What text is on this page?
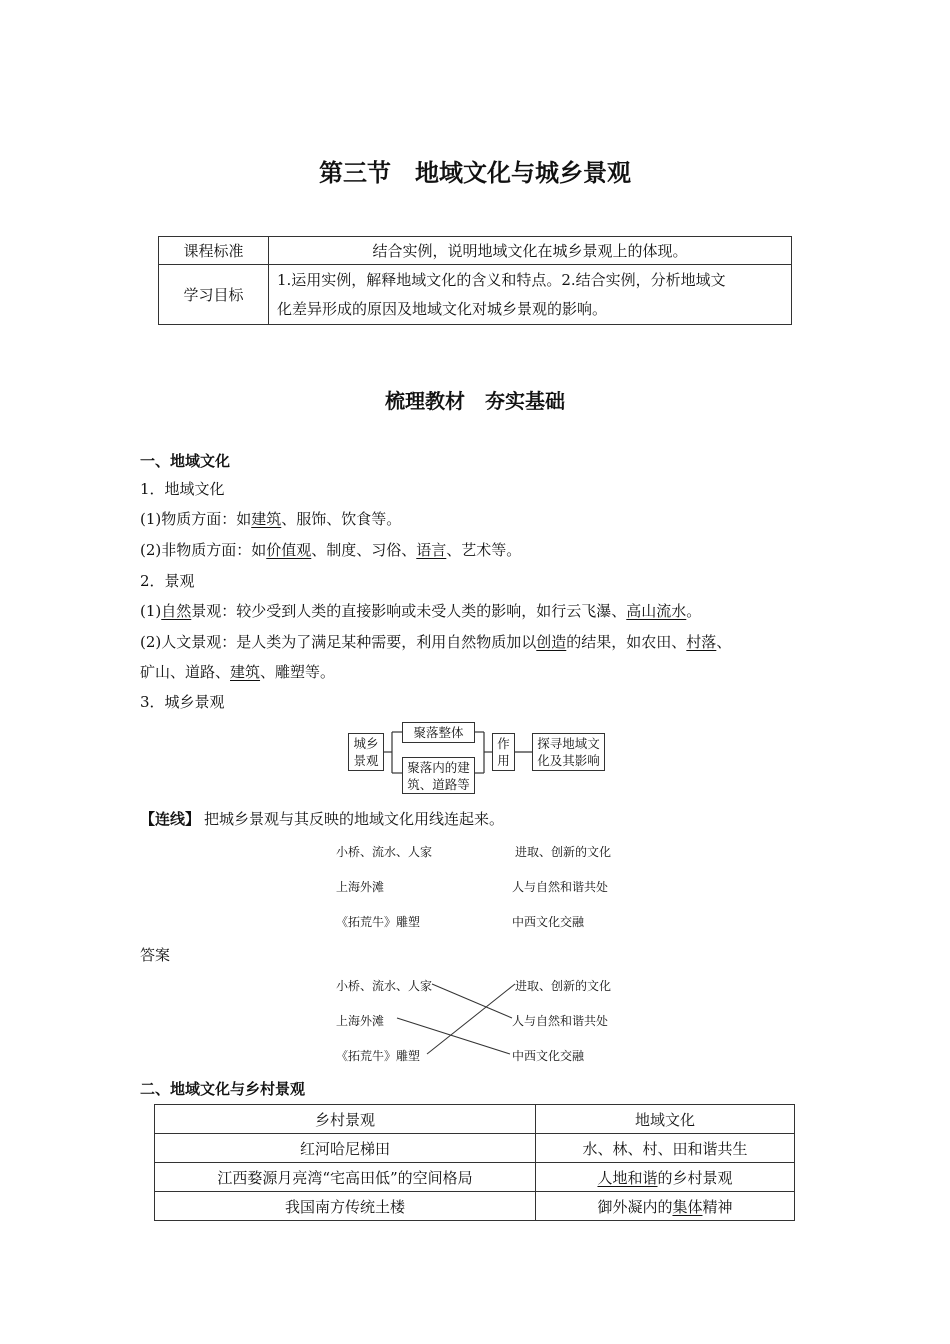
第三节　地域文化与城乡景观
课程标准	结合实例，说明地域文化在城乡景观上的体现。
学习目标	1.运用实例，解释地域文化的含义和特点。2.结合实例，分析地域文
化差异形成的原因及地域文化对城乡景观的影响。
梳理教材　夯实基础
一、地域文化
1．地域文化
(1)物质方面：如建筑、服饰、饮食等。
(2)非物质方面：如价值观、制度、习俗、语言、艺术等。
2．景观
(1)自然景观：较少受到人类的直接影响或未受人类的影响，如行云飞瀑、高山流水。
(2)人文景观：是人类为了满足某种需要，利用自然物质加以创造的结果，如农田、村落、
矿山、道路、建筑、雕塑等。
3．城乡景观
城乡
景观
聚落整体
聚落内的建
筑、道路等
作
用
探寻地域文
化及其影响
【连线】 把城乡景观与其反映的地域文化用线连起来。
小桥、流水、人家
上海外滩
《拓荒牛》雕塑
进取、创新的文化
人与自然和谐共处
中西文化交融
答案
小桥、流水、人家
上海外滩
《拓荒牛》雕塑
进取、创新的文化
人与自然和谐共处
中西文化交融
二、地域文化与乡村景观
乡村景观	地域文化
红河哈尼梯田	水、林、村、田和谐共生
江西婺源月亮湾“宅高田低”的空间格局	人地和谐的乡村景观
我国南方传统土楼	御外凝内的集体精神
